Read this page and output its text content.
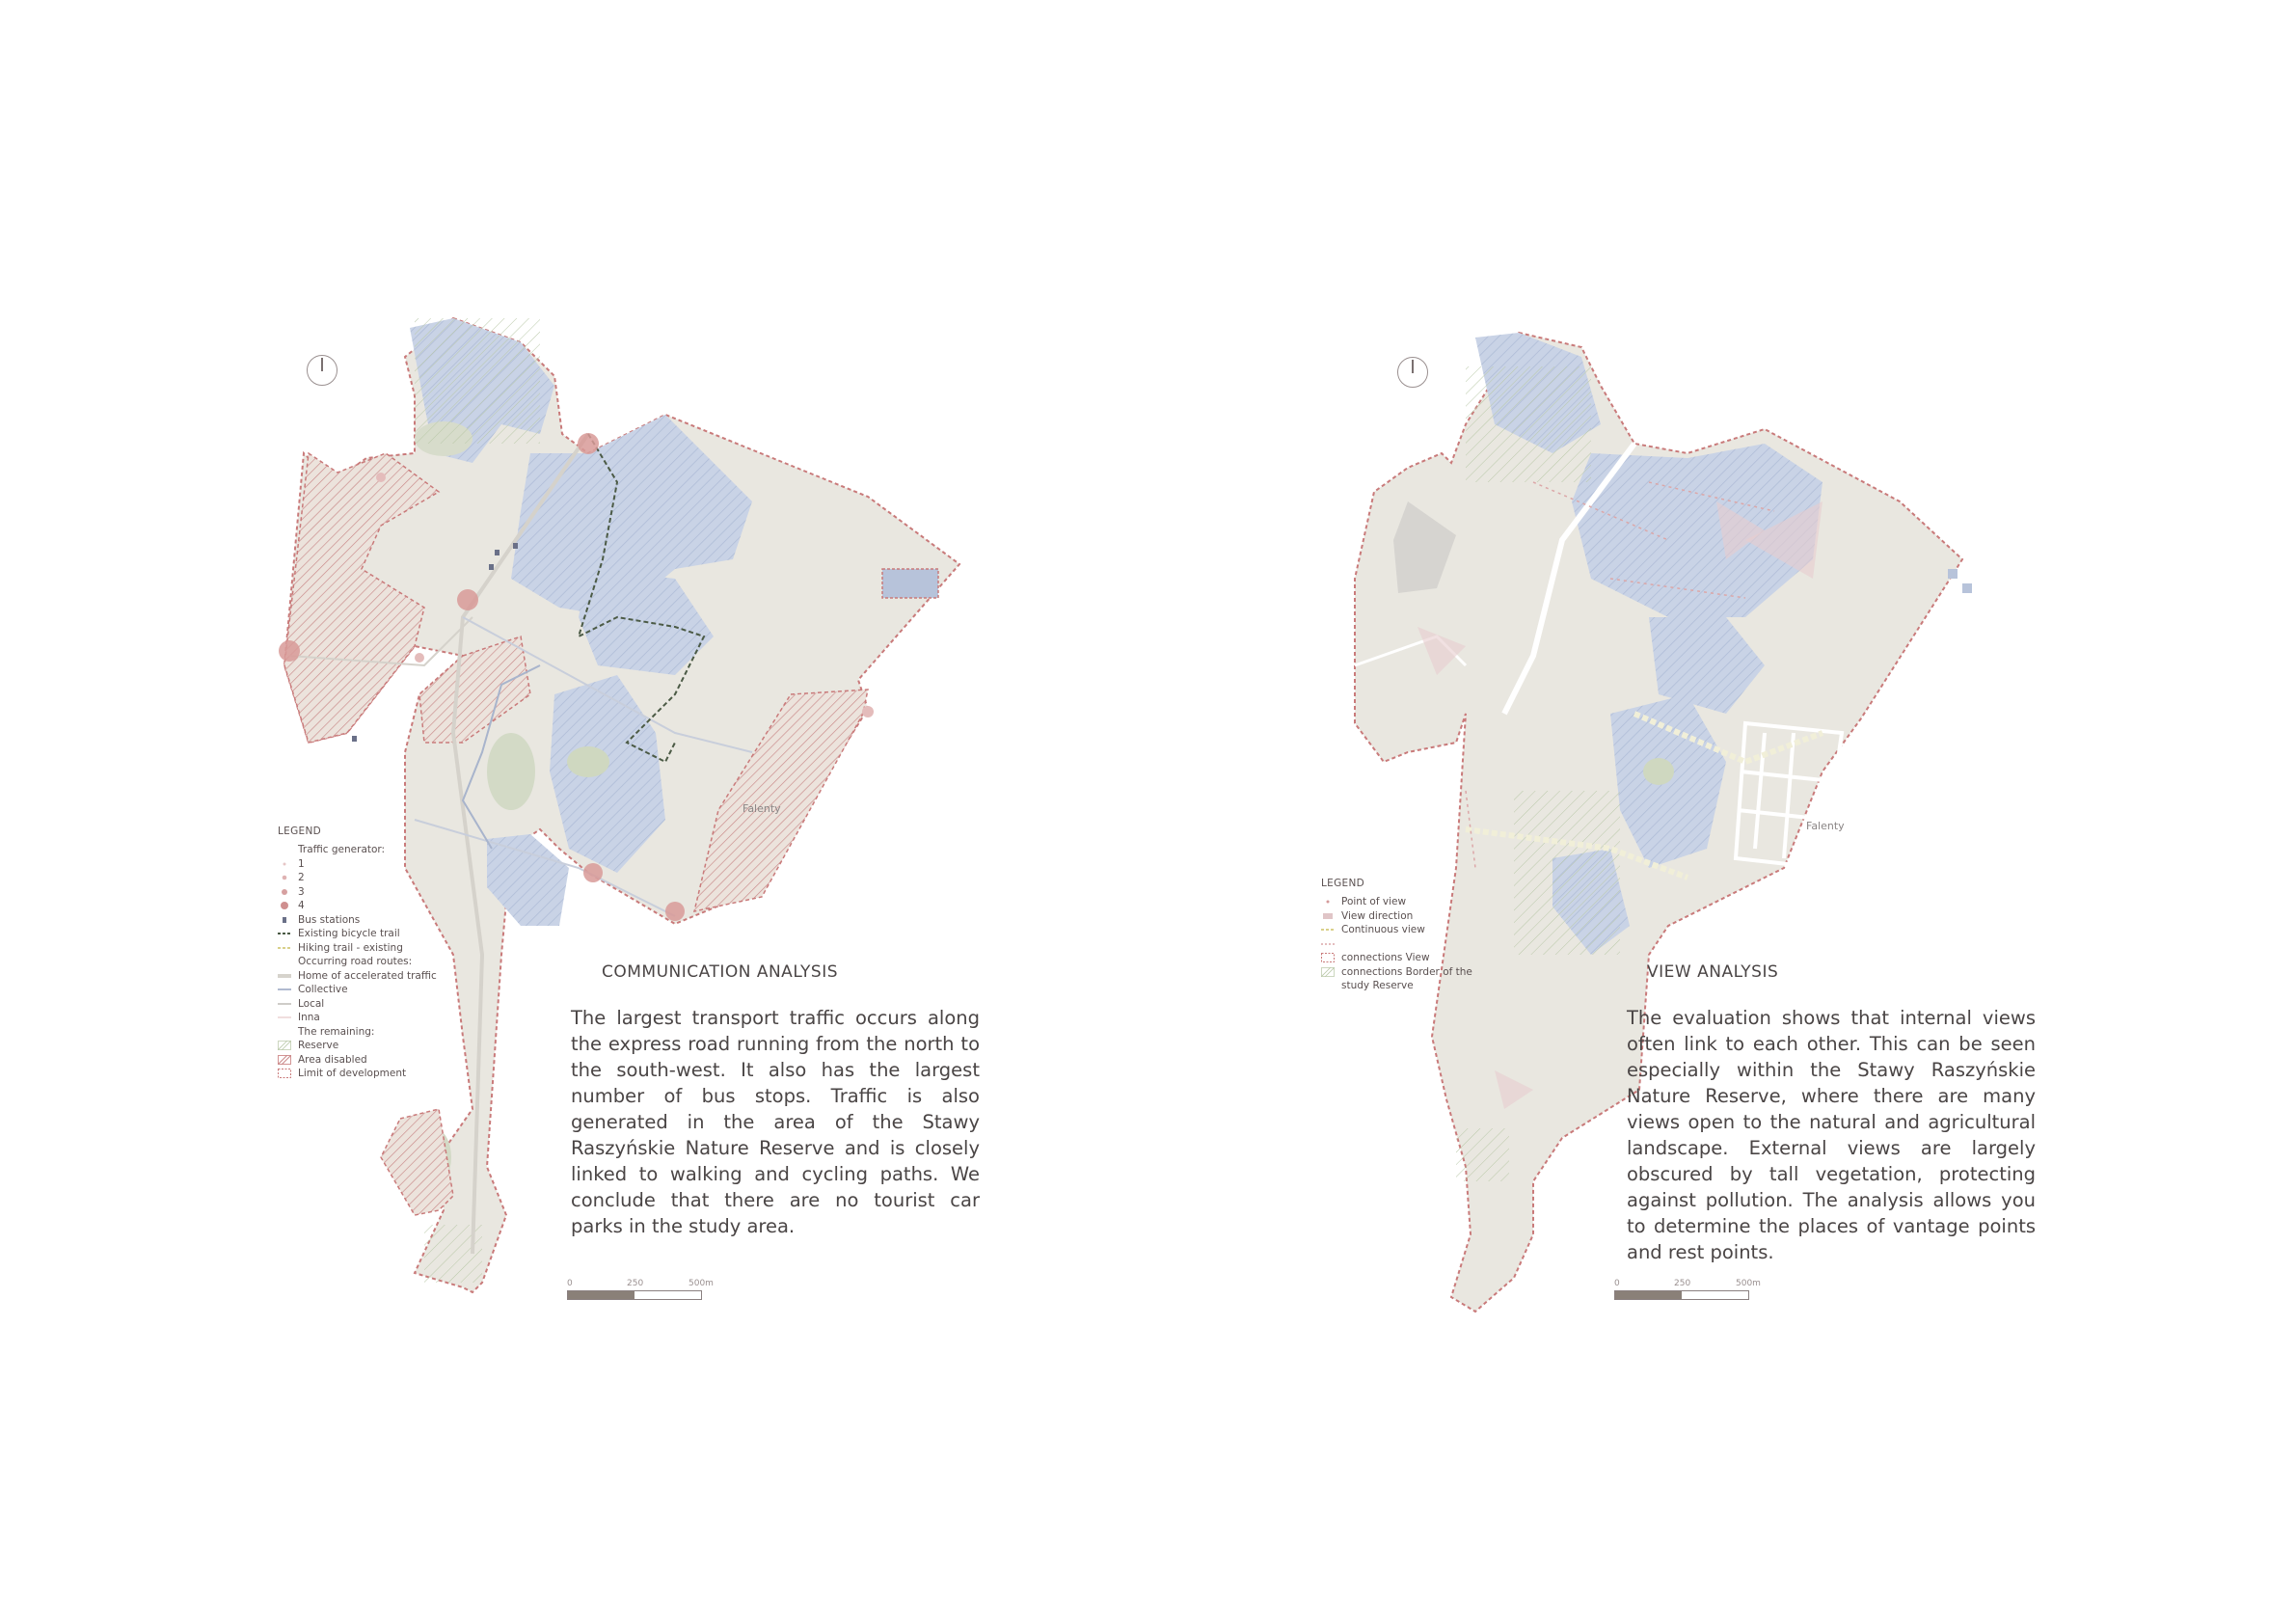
Falenty
LEGEND
Traffic generator:
1
2
3
4
Bus stations
Existing bicycle trail
Hiking trail - existing
Occurring road routes:
Home of accelerated traffic
Collective
Local
Inna
The remaining:
Reserve
Area disabled
Limit of development
COMMUNICATION ANALYSIS
The largest transport traffic occurs along the express road running from the north to the south-west. It also has the largest number of bus stops. Traffic is also generated in the area of the Stawy Raszyńskie Nature Reserve and is closely linked to walking and cycling paths. We conclude that there are no tourist car parks in the study area.
0	250	500m
Falenty
LEGEND
Point of view
View direction
Continuous view
connections View
connections Border of the
study Reserve
VIEW ANALYSIS
The evaluation shows that internal views often link to each other. This can be seen especially within the Stawy Raszyńskie Nature Reserve, where there are many views open to the natural and agricultural landscape. External views are largely obscured by tall vegetation, protecting against pollution. The analysis allows you to determine the places of vantage points and rest points.
0	250	500m
